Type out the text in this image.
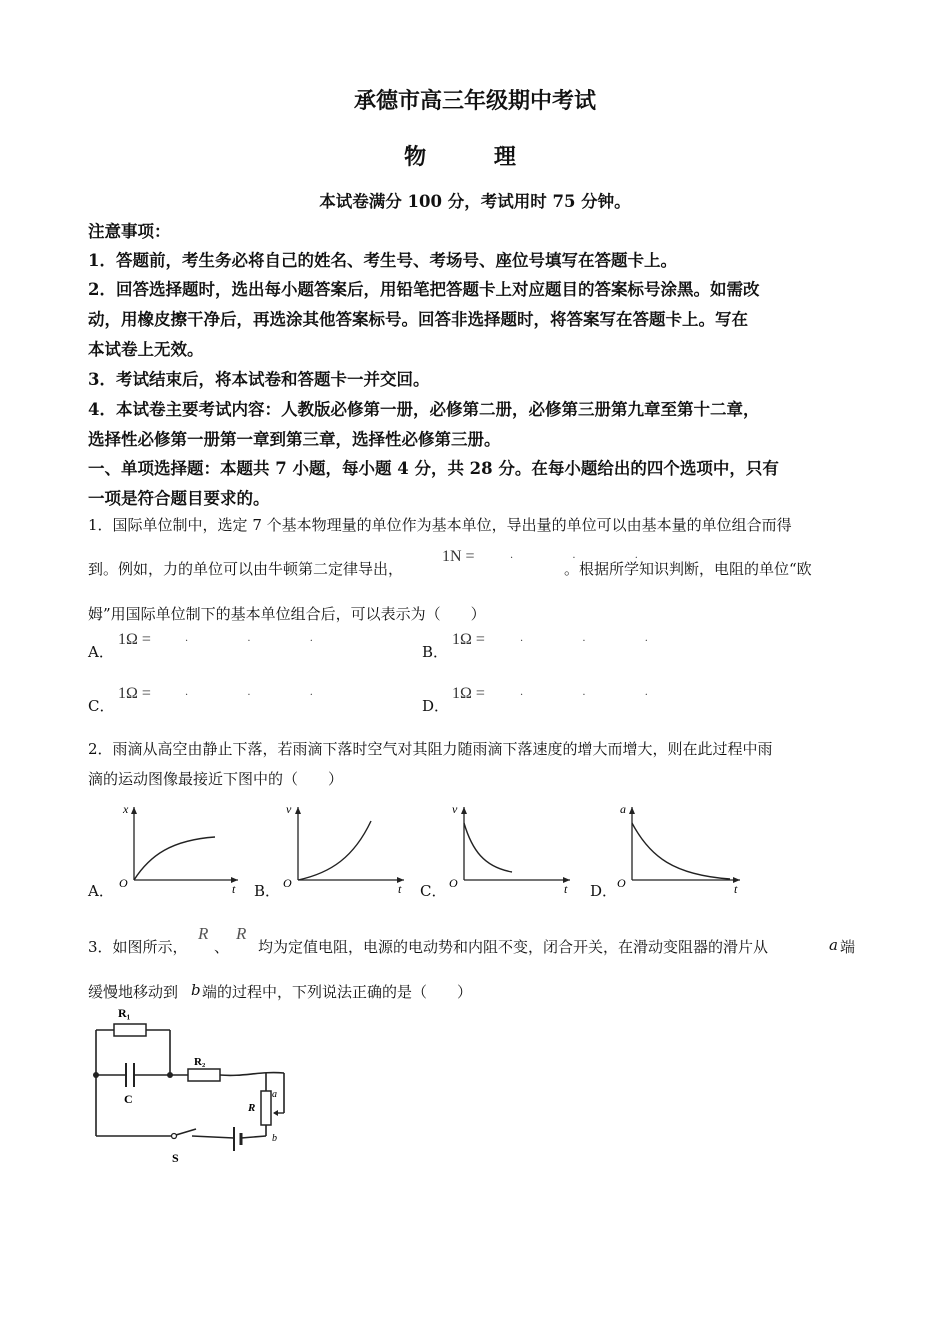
承德市高三年级期中考试
物 理
本试卷满分 100 分，考试用时 75 分钟。
注意事项：
1．答题前，考生务必将自己的姓名、考生号、考场号、座位号填写在答题卡上。
2．回答选择题时，选出每小题答案后，用铅笔把答题卡上对应题目的答案标号涂黑。如需改
动，用橡皮擦干净后，再选涂其他答案标号。回答非选择题时，将答案写在答题卡上。写在
本试卷上无效。
3．考试结束后，将本试卷和答题卡一并交回。
4．本试卷主要考试内容：人教版必修第一册，必修第二册，必修第三册第九章至第十二章，
选择性必修第一册第一章到第三章，选择性必修第三册。
一、单项选择题：本题共 7 小题，每小题 4 分，共 28 分。在每小题给出的四个选项中，只有
一项是符合题目要求的。
1．国际单位制中，选定 7 个基本物理量的单位作为基本单位，导出量的单位可以由基本量的单位组合而得
到。例如，力的单位可以由牛顿第二定律导出，
1N =	· · ·
。根据所学知识判断，电阻的单位“欧
姆”用国际单位制下的基本单位组合后，可以表示为（　　）
A．
1Ω =	· · ·
B．
1Ω =	· · ·
C．
1Ω =	· · ·
D．
1Ω =	· · ·
2．雨滴从高空由静止下落，若雨滴下落时空气对其阻力随雨滴下落速度的增大而增大，则在此过程中雨
滴的运动图像最接近下图中的（　　）
A．
x
t
O	B．
v
t
O	C．
v
t
O	D．
a
t
O
3．如图所示，
R
、
R
均为定值电阻，电源的电动势和内阻不变，闭合开关，在滑动变阻器的滑片从	a 端
缓慢地移动到 b 端的过程中，下列说法正确的是（　　）
R₁
C
R₂
R
a
b
S
